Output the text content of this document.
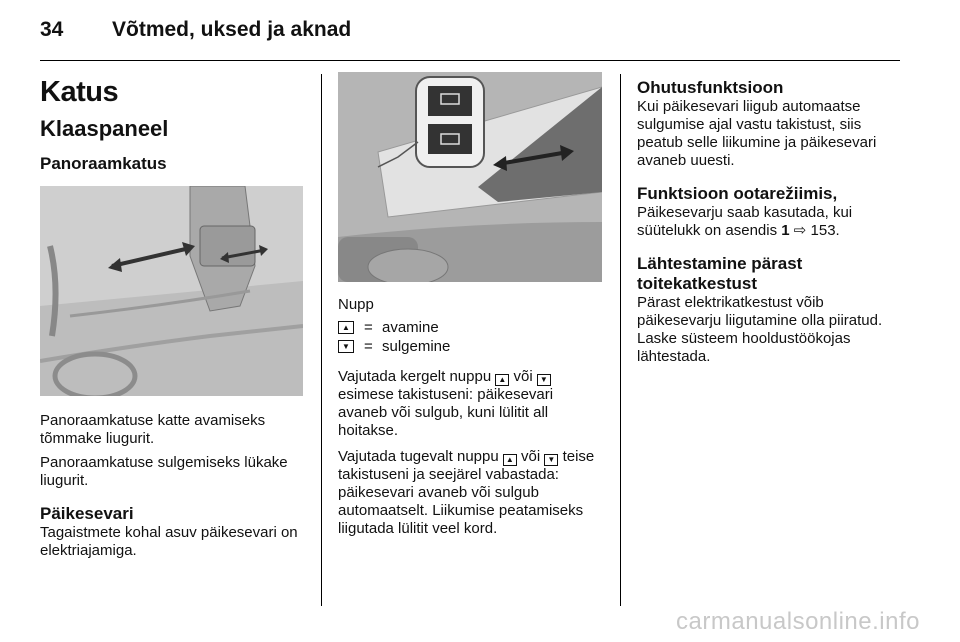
34 Võtmed, uksed ja aknad
Katus
Klaaspaneel
Panoraamkatus

Panoraamkatuse katte avamiseks tõmmake liugurit.

Panoraamkatuse sulgemiseks lükake liugurit.

Päikesevari

Tagaistmete kohal asuv päikesevari on elektriajamiga.

Nupp

▲ = avamine
▼ = sulgemine

Vajutada kergelt nuppu ▲ või ▼ esimese takistuseni: päikesevari avaneb või sulgub, kuni lülitit all hoitakse.

Vajutada tugevalt nuppu ▲ või ▼ teise takistuseni ja seejärel vabastada: päikesevari avaneb või sulgub automaatselt. Liikumise peatamiseks liigutada lülitit veel kord.

Ohutusfunktsioon

Kui päikesevari liigub automaatse sulgumise ajal vastu takistust, siis peatub selle liikumine ja päikesevari avaneb uuesti.

Funktsioon ootarežiimis,

Päikesevarju saab kasutada, kui süütelukk on asendis 1 ⇨ 153.

Lähtestamine pärast toitekatkestust

Pärast elektrikatkestust võib päikesevarju liigutamine olla piiratud. Laske süsteem hooldustöökojas lähtestada.

carmanualsonline.info
